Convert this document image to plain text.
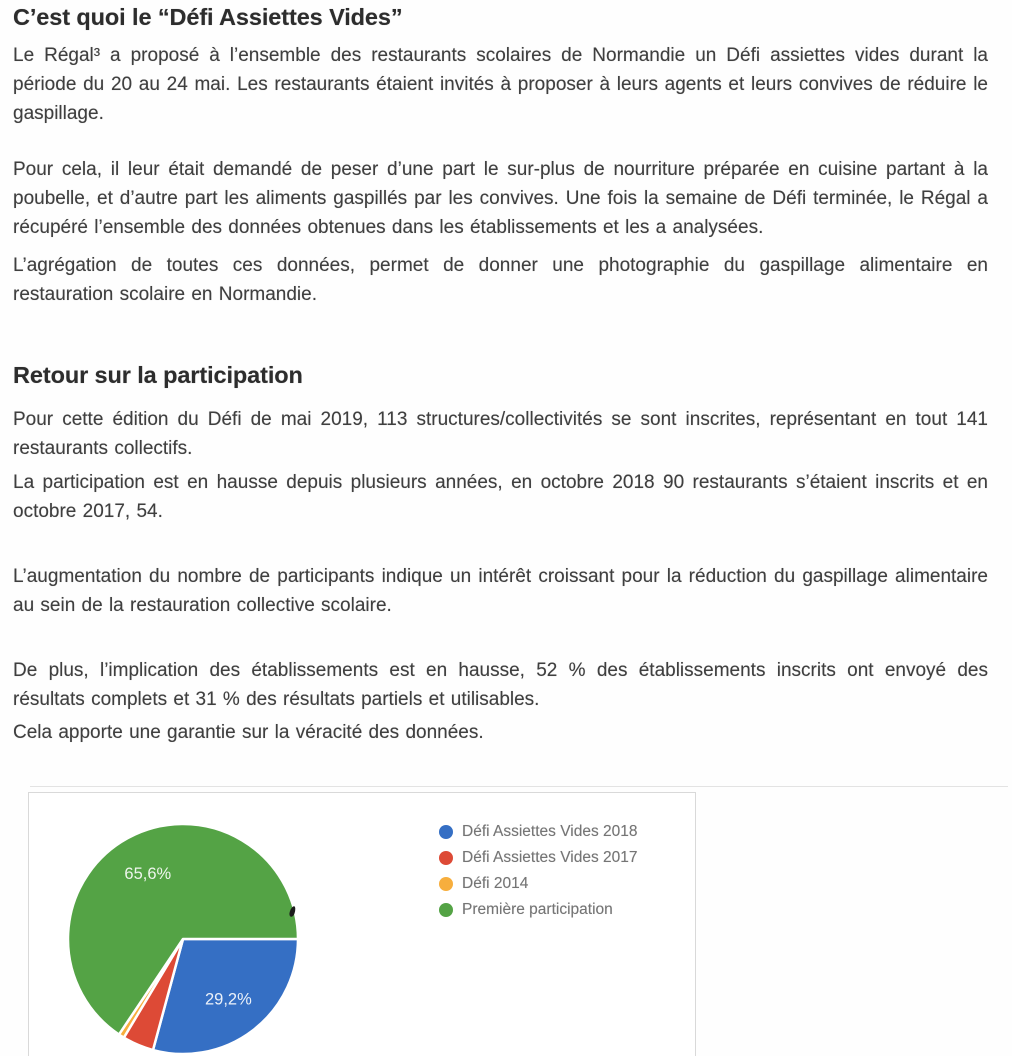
C’est quoi le “Défi Assiettes Vides”

Le Régal³ a proposé à l’ensemble des restaurants scolaires de Normandie un Défi assiettes vides durant la période du 20 au 24 mai. Les restaurants étaient invités à proposer à leurs agents et leurs convives de réduire le gaspillage.

Pour cela, il leur était demandé de peser d’une part le sur-plus de nourriture préparée en cuisine partant à la poubelle, et d’autre part les aliments gaspillés par les convives. Une fois la semaine de Défi terminée, le Régal a récupéré l’ensemble des données obtenues dans les établissements et les a analysées.

L’agrégation de toutes ces données, permet de donner une photographie du gaspillage alimentaire en restauration scolaire en Normandie.

Retour sur la participation

Pour cette édition du Défi de mai 2019, 113 structures/collectivités se sont inscrites, représentant en tout 141 restaurants collectifs.

La participation est en hausse depuis plusieurs années, en octobre 2018 90 restaurants s’étaient inscrits et en octobre 2017, 54.

L’augmentation du nombre de participants indique un intérêt croissant pour la réduction du gaspillage alimentaire au sein de la restauration collective scolaire.

De plus, l’implication des établissements est en hausse, 52 % des établissements inscrits ont envoyé des résultats complets et 31 % des résultats partiels et utilisables.

Cela apporte une garantie sur la véracité des données.

29,2%
65,6%
Défi Assiettes Vides 2018
Défi Assiettes Vides 2017
Défi 2014
Première participation
